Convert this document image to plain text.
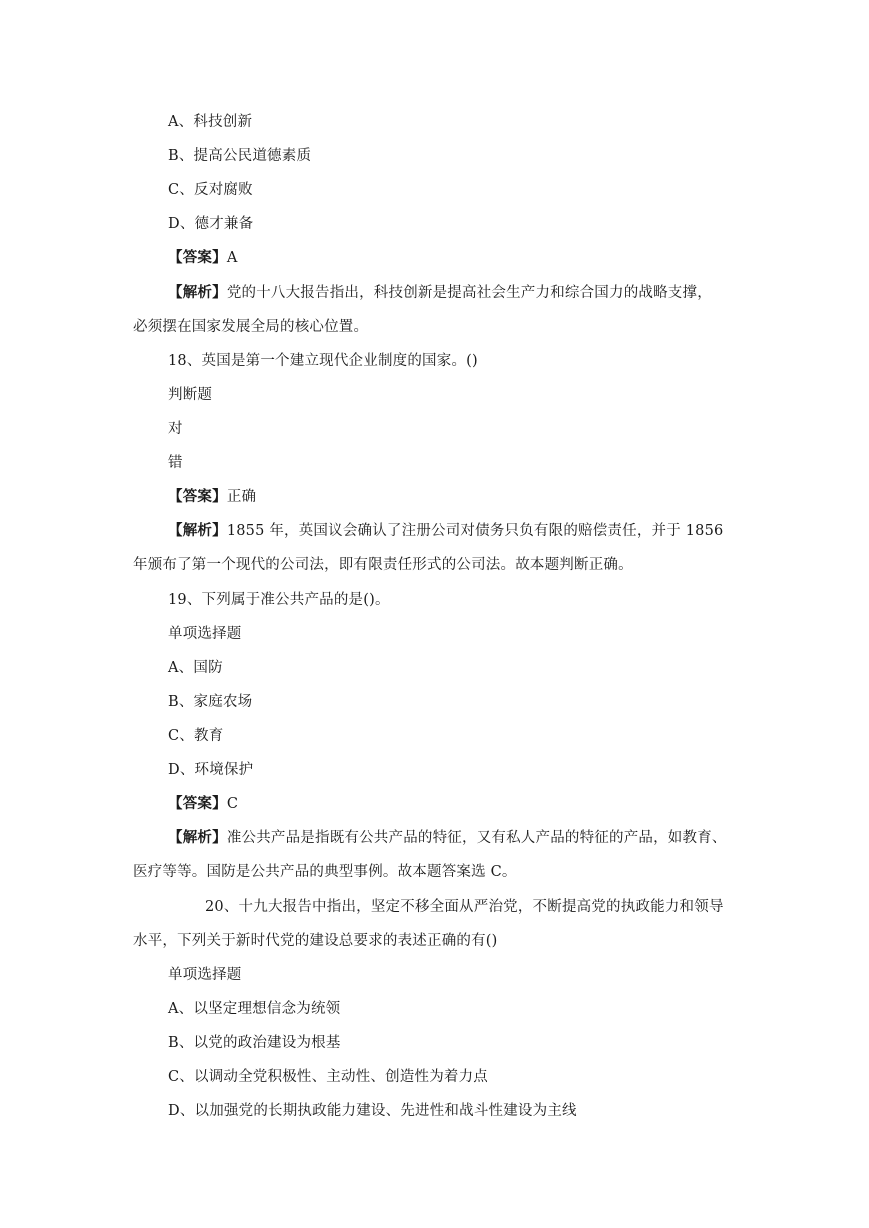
A、科技创新
B、提高公民道德素质
C、反对腐败
D、德才兼备
【答案】A
【解析】党的十八大报告指出，科技创新是提高社会生产力和综合国力的战略支撑，
必须摆在国家发展全局的核心位置。
18、英国是第一个建立现代企业制度的国家。()
判断题
对
错
【答案】正确
【解析】1855 年，英国议会确认了注册公司对债务只负有限的赔偿责任，并于 1856
年颁布了第一个现代的公司法，即有限责任形式的公司法。故本题判断正确。
19、下列属于准公共产品的是()。
单项选择题
A、国防
B、家庭农场
C、教育
D、环境保护
【答案】C
【解析】准公共产品是指既有公共产品的特征，又有私人产品的特征的产品，如教育、
医疗等等。国防是公共产品的典型事例。故本题答案选 C。
20、十九大报告中指出，坚定不移全面从严治党，不断提高党的执政能力和领导
水平，下列关于新时代党的建设总要求的表述正确的有()
单项选择题
A、以坚定理想信念为统领
B、以党的政治建设为根基
C、以调动全党积极性、主动性、创造性为着力点
D、以加强党的长期执政能力建设、先进性和战斗性建设为主线
